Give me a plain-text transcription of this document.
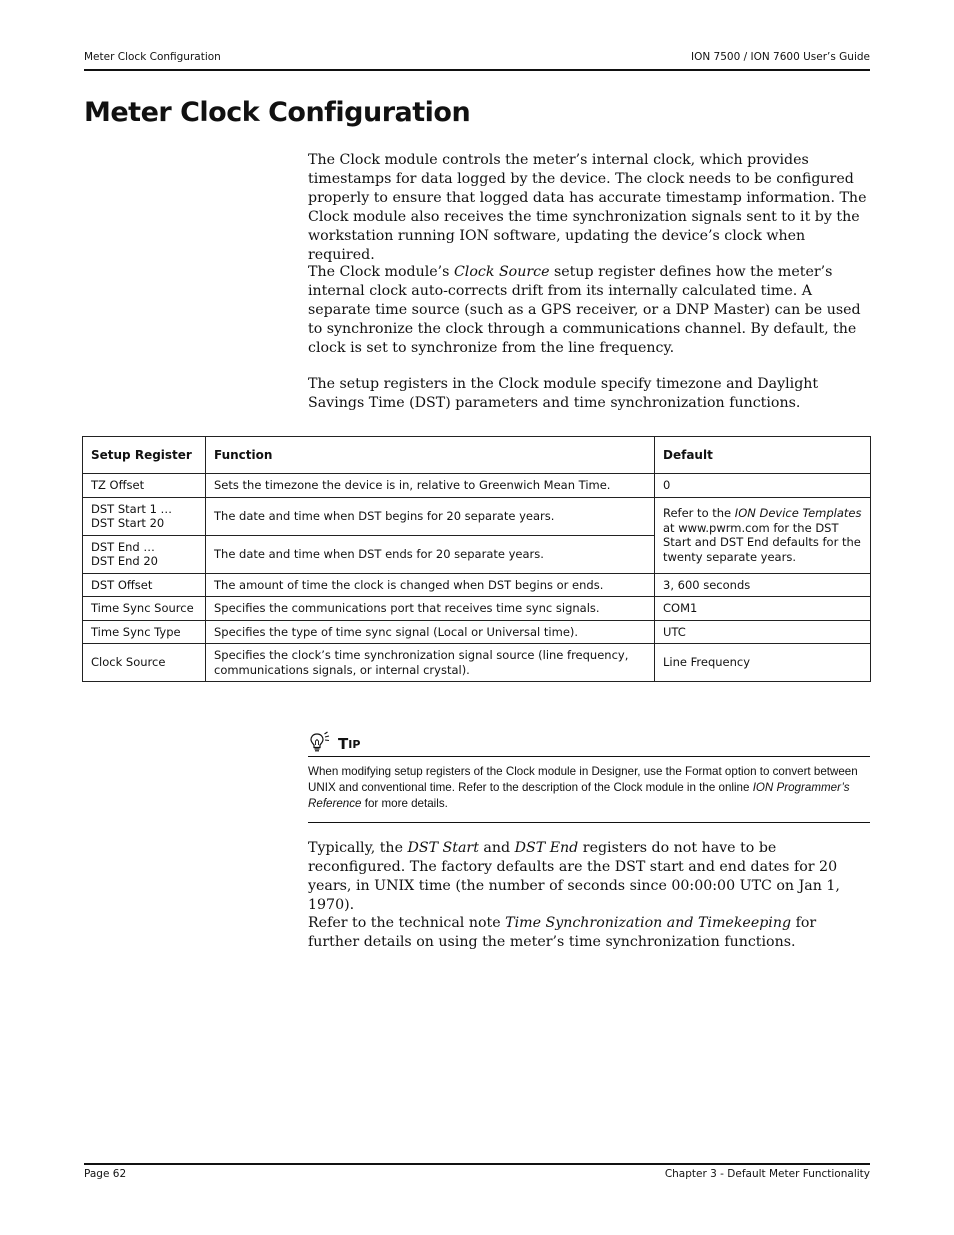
Meter Clock Configuration	ION 7500 / ION 7600 User’s Guide
Meter Clock Configuration

The Clock module controls the meter’s internal clock, which provides timestamps for data logged by the device. The clock needs to be configured properly to ensure that logged data has accurate timestamp information. The Clock module also receives the time synchronization signals sent to it by the workstation running ION software, updating the device’s clock when required.

The Clock module’s Clock Source setup register defines how the meter’s internal clock auto-corrects drift from its internally calculated time. A separate time source (such as a GPS receiver, or a DNP Master) can be used to synchronize the clock through a communications channel. By default, the clock is set to synchronize from the line frequency.

The setup registers in the Clock module specify timezone and Daylight Savings Time (DST) parameters and time synchronization functions.

Setup Register	Function	Default
TZ Offset	Sets the timezone the device is in, relative to Greenwich Mean Time.	0
DST Start 1 …
DST Start 20	The date and time when DST begins for 20 separate years.	Refer to the ION Device Templates at www.pwrm.com for the DST Start and DST End defaults for the twenty separate years.
DST End …
DST End 20	The date and time when DST ends for 20 separate years.	
DST Offset	The amount of time the clock is changed when DST begins or ends.	3, 600 seconds
Time Sync Source	Specifies the communications port that receives time sync signals.	COM1
Time Sync Type	Specifies the type of time sync signal (Local or Universal time).	UTC
Clock Source	Specifies the clock’s time synchronization signal source (line frequency, communications signals, or internal crystal).	Line Frequency
T IP

When modifying setup registers of the Clock module in Designer, use the Format option to convert between UNIX and conventional time. Refer to the description of the Clock module in the online ION Programmer’s Reference for more details.

Typically, the DST Start and DST End registers do not have to be reconfigured. The factory defaults are the DST start and end dates for 20 years, in UNIX time (the number of seconds since 00:00:00 UTC on Jan 1, 1970).

Refer to the technical note Time Synchronization and Timekeeping for further details on using the meter’s time synchronization functions.

Page 62	Chapter 3 - Default Meter Functionality
